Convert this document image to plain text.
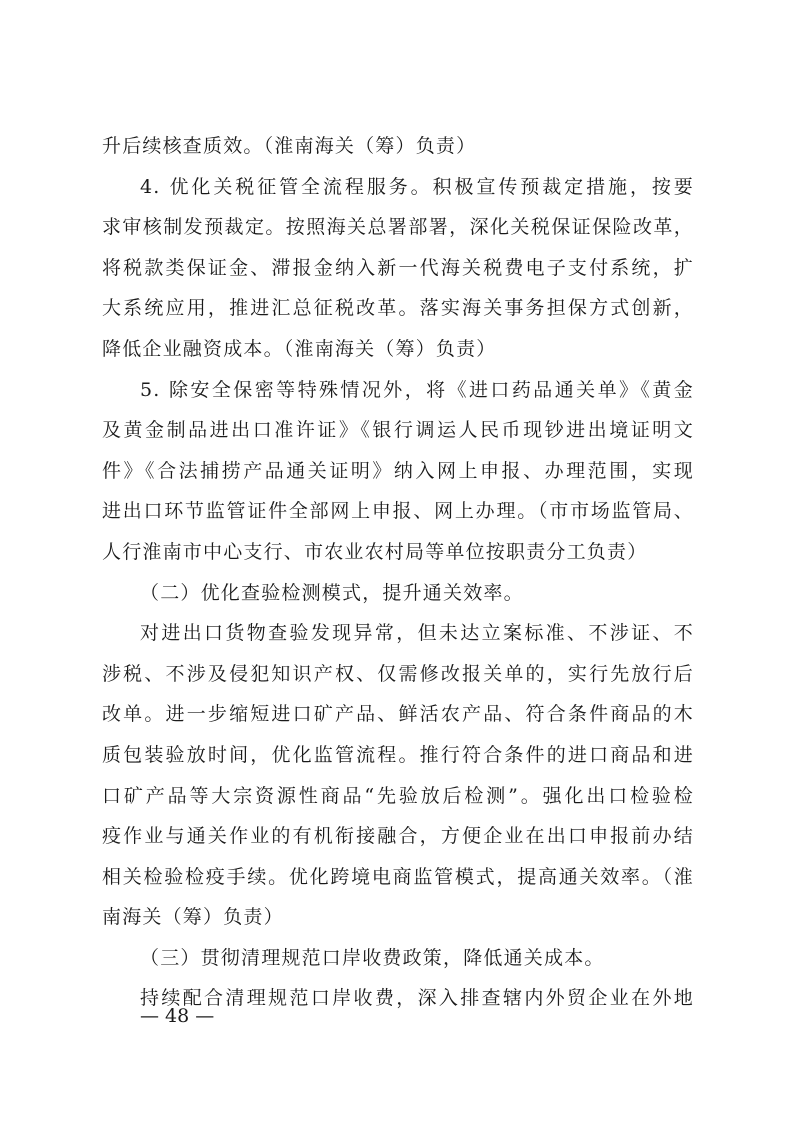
升后续核查质效。（淮南海关（筹）负责）
4. 优化关税征管全流程服务。积极宣传预裁定措施，按要
求审核制发预裁定。按照海关总署部署，深化关税保证保险改革，
将税款类保证金、滞报金纳入新一代海关税费电子支付系统，扩
大系统应用，推进汇总征税改革。落实海关事务担保方式创新，
降低企业融资成本。（淮南海关（筹）负责）
5. 除安全保密等特殊情况外，将《进口药品通关单》《黄金
及黄金制品进出口准许证》《银行调运人民币现钞进出境证明文
件》《合法捕捞产品通关证明》纳入网上申报、办理范围，实现
进出口环节监管证件全部网上申报、网上办理。（市市场监管局、
人行淮南市中心支行、市农业农村局等单位按职责分工负责）
（二）优化查验检测模式，提升通关效率。
对进出口货物查验发现异常，但未达立案标准、不涉证、不
涉税、不涉及侵犯知识产权、仅需修改报关单的，实行先放行后
改单。进一步缩短进口矿产品、鲜活农产品、符合条件商品的木
质包装验放时间，优化监管流程。推行符合条件的进口商品和进
口矿产品等大宗资源性商品“先验放后检测”。强化出口检验检
疫作业与通关作业的有机衔接融合，方便企业在出口申报前办结
相关检验检疫手续。优化跨境电商监管模式，提高通关效率。（淮
南海关（筹）负责）
（三）贯彻清理规范口岸收费政策，降低通关成本。
持续配合清理规范口岸收费，深入排查辖内外贸企业在外地
— 48 —
